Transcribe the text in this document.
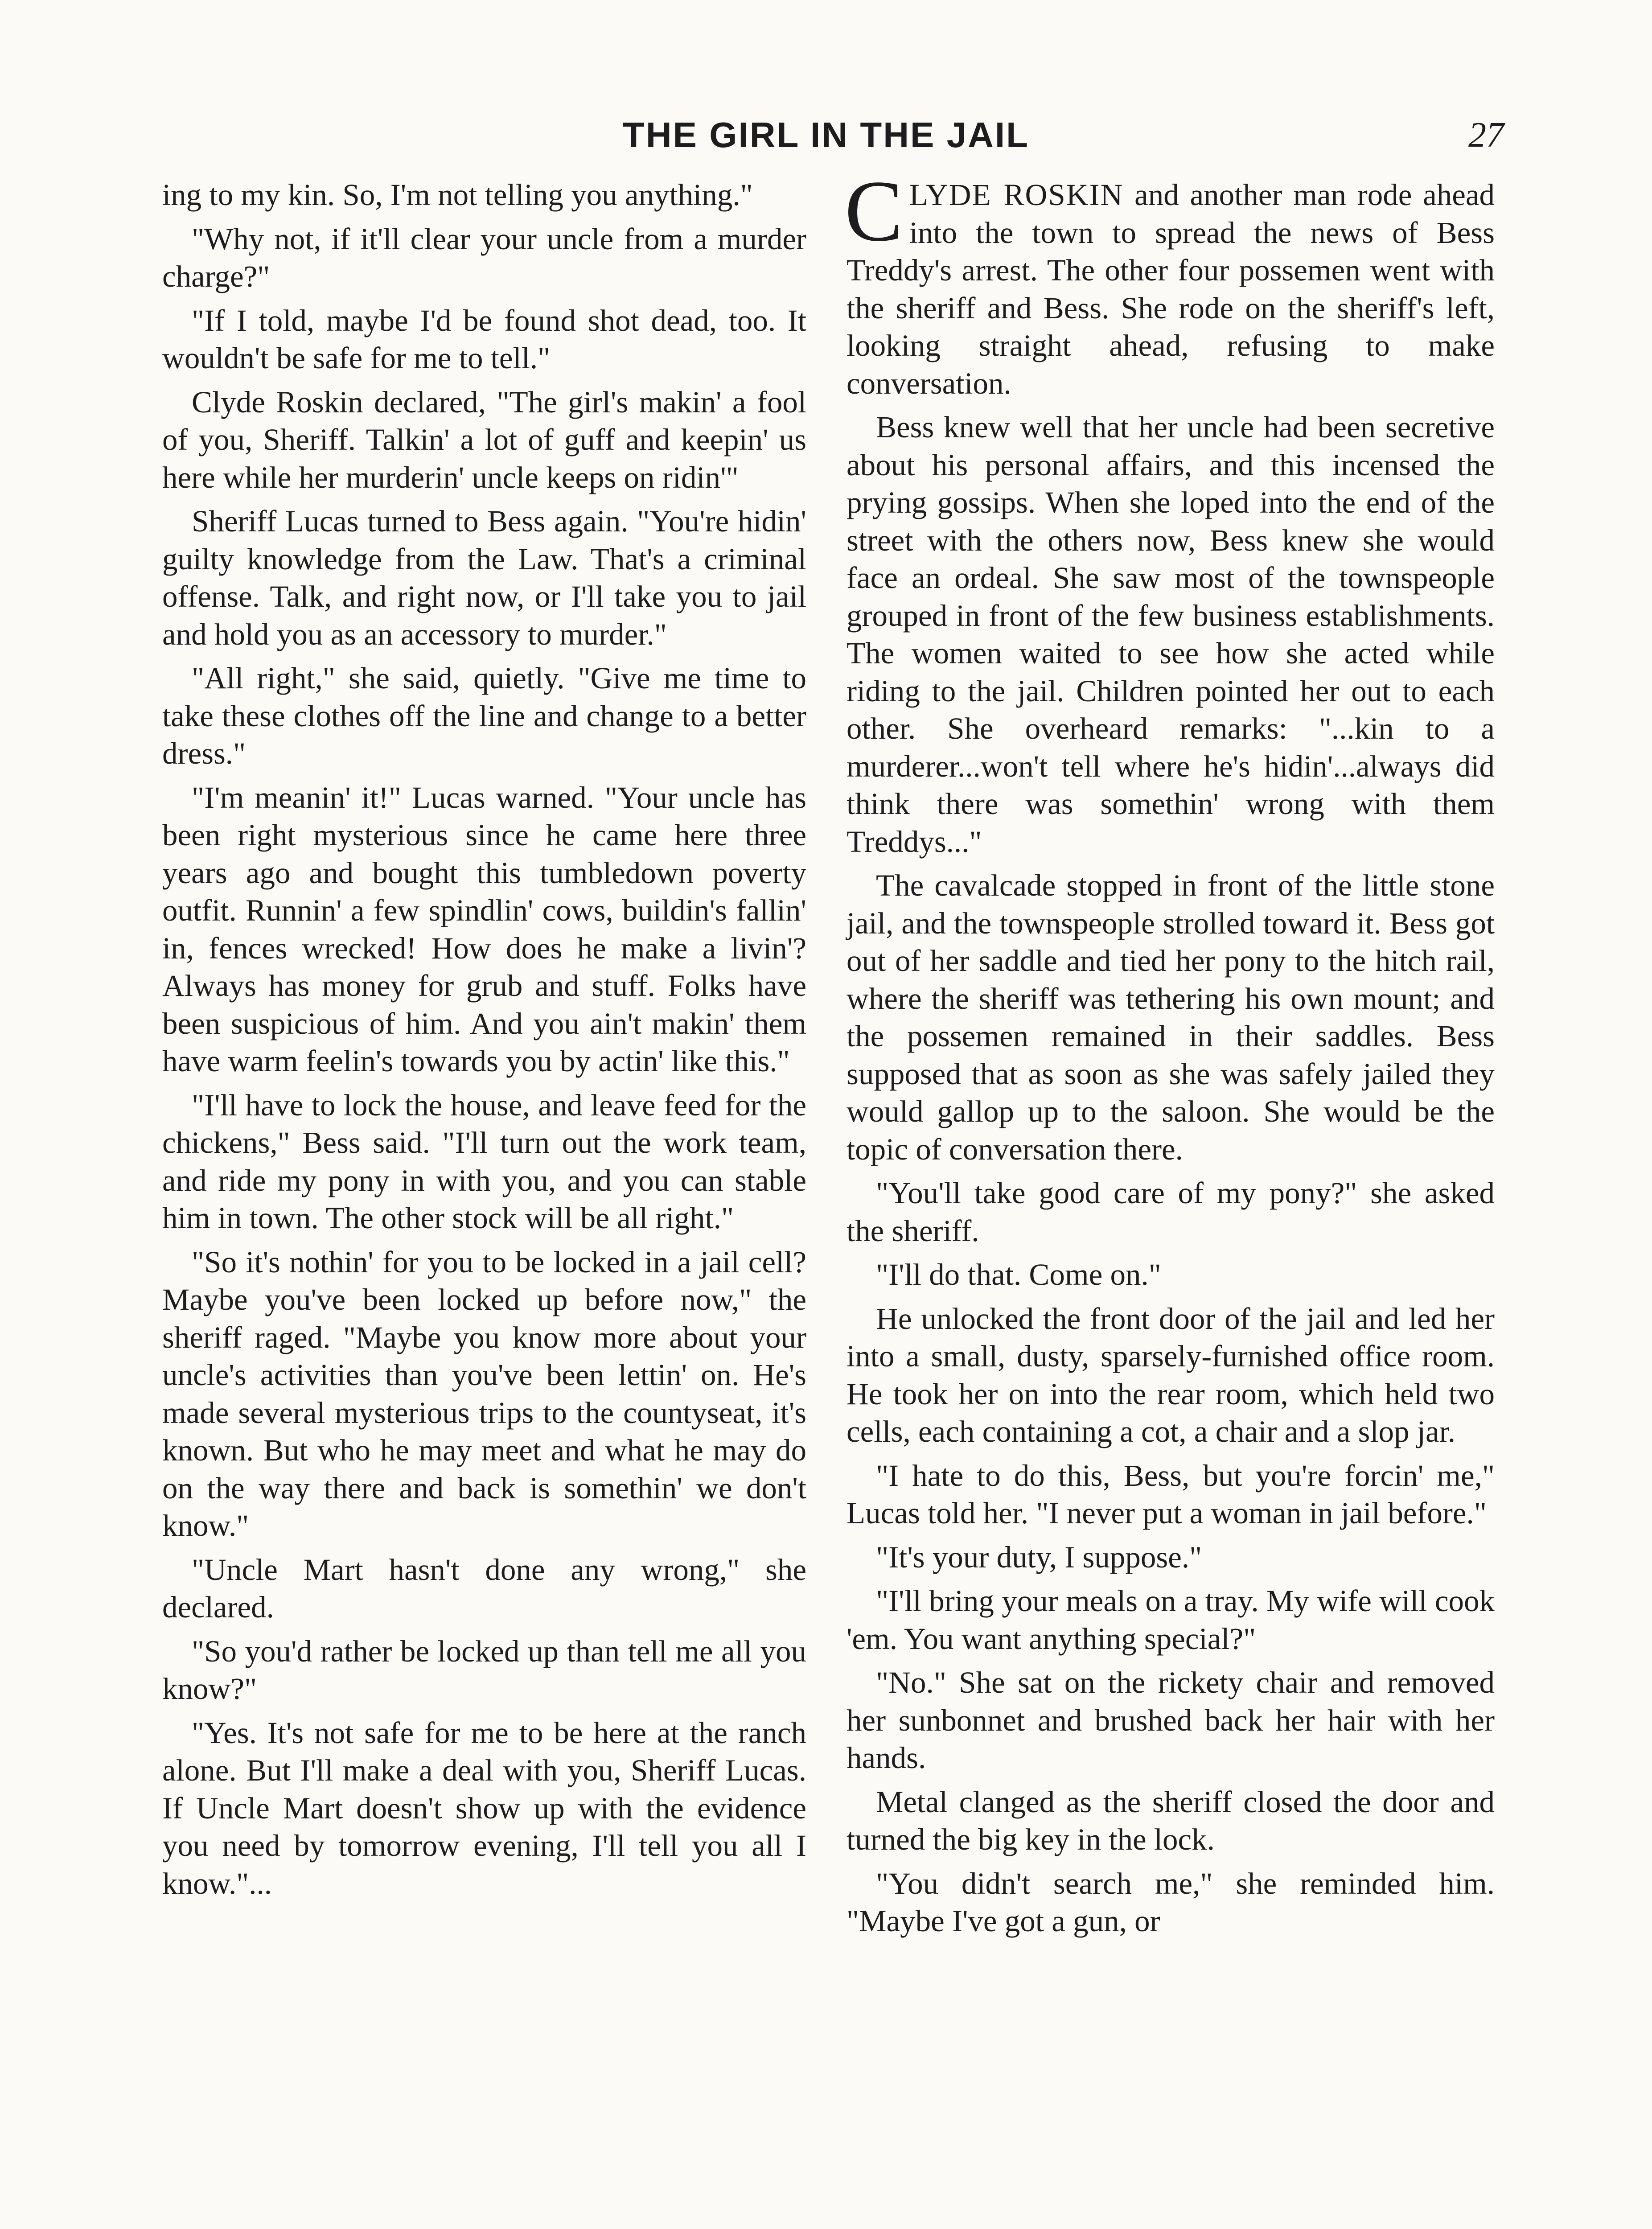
THE GIRL IN THE JAIL	27

ing to my kin. So, I'm not telling you anything."

"Why not, if it'll clear your uncle from a murder charge?"

"If I told, maybe I'd be found shot dead, too. It wouldn't be safe for me to tell."

Clyde Roskin declared, "The girl's makin' a fool of you, Sheriff. Talkin' a lot of guff and keepin' us here while her murderin' uncle keeps on ridin'"

Sheriff Lucas turned to Bess again. "You're hidin' guilty knowledge from the Law. That's a criminal offense. Talk, and right now, or I'll take you to jail and hold you as an accessory to murder."

"All right," she said, quietly. "Give me time to take these clothes off the line and change to a better dress."

"I'm meanin' it!" Lucas warned. "Your uncle has been right mysterious since he came here three years ago and bought this tumbledown poverty outfit. Runnin' a few spindlin' cows, buildin's fallin' in, fences wrecked! How does he make a livin'? Always has money for grub and stuff. Folks have been suspicious of him. And you ain't makin' them have warm feelin's towards you by actin' like this."

"I'll have to lock the house, and leave feed for the chickens," Bess said. "I'll turn out the work team, and ride my pony in with you, and you can stable him in town. The other stock will be all right."

"So it's nothin' for you to be locked in a jail cell? Maybe you've been locked up before now," the sheriff raged. "Maybe you know more about your uncle's activities than you've been lettin' on. He's made several mysterious trips to the countyseat, it's known. But who he may meet and what he may do on the way there and back is somethin' we don't know."

"Uncle Mart hasn't done any wrong," she declared.

"So you'd rather be locked up than tell me all you know?"

"Yes. It's not safe for me to be here at the ranch alone. But I'll make a deal with you, Sheriff Lucas. If Uncle Mart doesn't show up with the evidence you need by tomorrow evening, I'll tell you all I know."...

CLYDE ROSKIN and another man rode ahead into the town to spread the news of Bess Treddy's arrest. The other four possemen went with the sheriff and Bess. She rode on the sheriff's left, looking straight ahead, refusing to make conversation.

Bess knew well that her uncle had been secretive about his personal affairs, and this incensed the prying gossips. When she loped into the end of the street with the others now, Bess knew she would face an ordeal. She saw most of the townspeople grouped in front of the few business establishments. The women waited to see how she acted while riding to the jail. Children pointed her out to each other. She overheard remarks: "...kin to a murderer...won't tell where he's hidin'...always did think there was somethin' wrong with them Treddys..."

The cavalcade stopped in front of the little stone jail, and the townspeople strolled toward it. Bess got out of her saddle and tied her pony to the hitch rail, where the sheriff was tethering his own mount; and the possemen remained in their saddles. Bess supposed that as soon as she was safely jailed they would gallop up to the saloon. She would be the topic of conversation there.

"You'll take good care of my pony?" she asked the sheriff.

"I'll do that. Come on."

He unlocked the front door of the jail and led her into a small, dusty, sparsely-furnished office room. He took her on into the rear room, which held two cells, each containing a cot, a chair and a slop jar.

"I hate to do this, Bess, but you're forcin' me," Lucas told her. "I never put a woman in jail before."

"It's your duty, I suppose."

"I'll bring your meals on a tray. My wife will cook 'em. You want anything special?"

"No." She sat on the rickety chair and removed her sunbonnet and brushed back her hair with her hands.

Metal clanged as the sheriff closed the door and turned the big key in the lock.

"You didn't search me," she reminded him. "Maybe I've got a gun, or
